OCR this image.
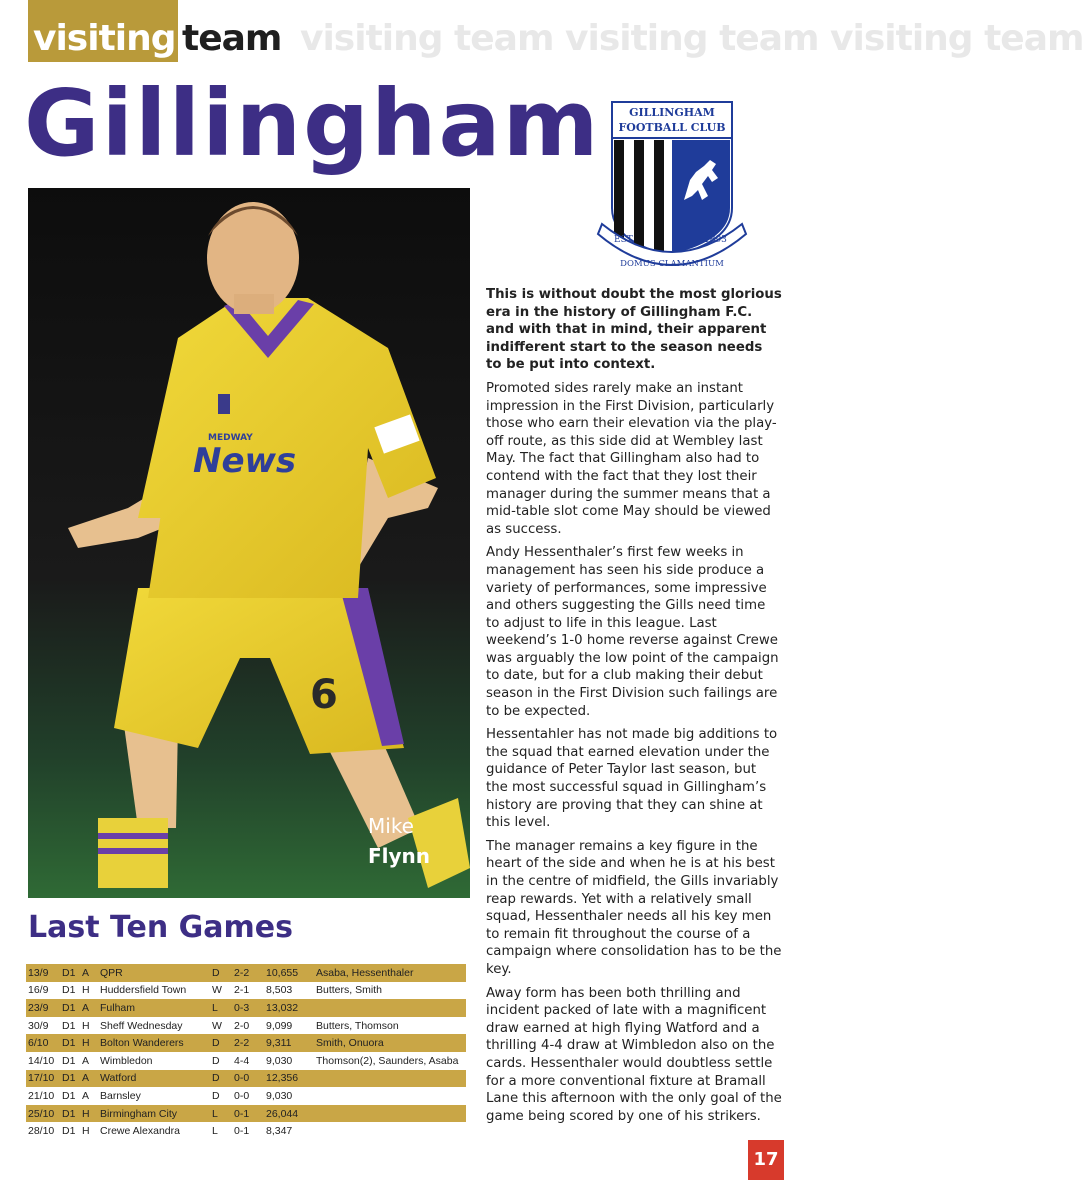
visiting team visiting team visiting team visiting team
Gillingham	GILLINGHAM
FOOTBALL CLUB
EST.	1893
DOMUS CLAMANTIUM
6
MEDWAY
News
Mike
Flynn

This is without doubt the most glorious era in the history of Gillingham F.C. and with that in mind, their apparent indifferent start to the season needs to be put into context.

Promoted sides rarely make an instant impression in the First Division, particularly those who earn their elevation via the play-off route, as this side did at Wembley last May. The fact that Gillingham also had to contend with the fact that they lost their manager during the summer means that a mid-table slot come May should be viewed as success.

Andy Hessenthaler’s first few weeks in management has seen his side produce a variety of performances, some impressive and others suggesting the Gills need time to adjust to life in this league. Last weekend’s 1-0 home reverse against Crewe was arguably the low point of the campaign to date, but for a club making their debut season in the First Division such failings are to be expected.

Hessentahler has not made big additions to the squad that earned elevation under the guidance of Peter Taylor last season, but the most successful squad in Gillingham’s history are proving that they can shine at this level.

The manager remains a key figure in the heart of the side and when he is at his best in the centre of midfield, the Gills invariably reap rewards. Yet with a relatively small squad, Hessenthaler needs all his key men to remain fit throughout the course of a campaign where consolidation has to be the key.

Away form has been both thrilling and incident packed of late with a magnificent draw earned at high flying Watford and a thrilling 4-4 draw at Wimbledon also on the cards. Hessenthaler would doubtless settle for a more conventional fixture at Bramall Lane this afternoon with the only goal of the game being scored by one of his strikers.

Last Ten Games
13/9	D1	A	QPR	D	2-2	10,655	Asaba, Hessenthaler
16/9	D1	H	Huddersfield Town	W	2-1	8,503	Butters, Smith
23/9	D1	A	Fulham	L	0-3	13,032	
30/9	D1	H	Sheff Wednesday	W	2-0	9,099	Butters, Thomson
6/10	D1	H	Bolton Wanderers	D	2-2	9,311	Smith, Onuora
14/10	D1	A	Wimbledon	D	4-4	9,030	Thomson(2), Saunders, Asaba
17/10	D1	A	Watford	D	0-0	12,356	
21/10	D1	A	Barnsley	D	0-0	9,030	
25/10	D1	H	Birmingham City	L	0-1	26,044	
28/10	D1	H	Crewe Alexandra	L	0-1	8,347	
17
